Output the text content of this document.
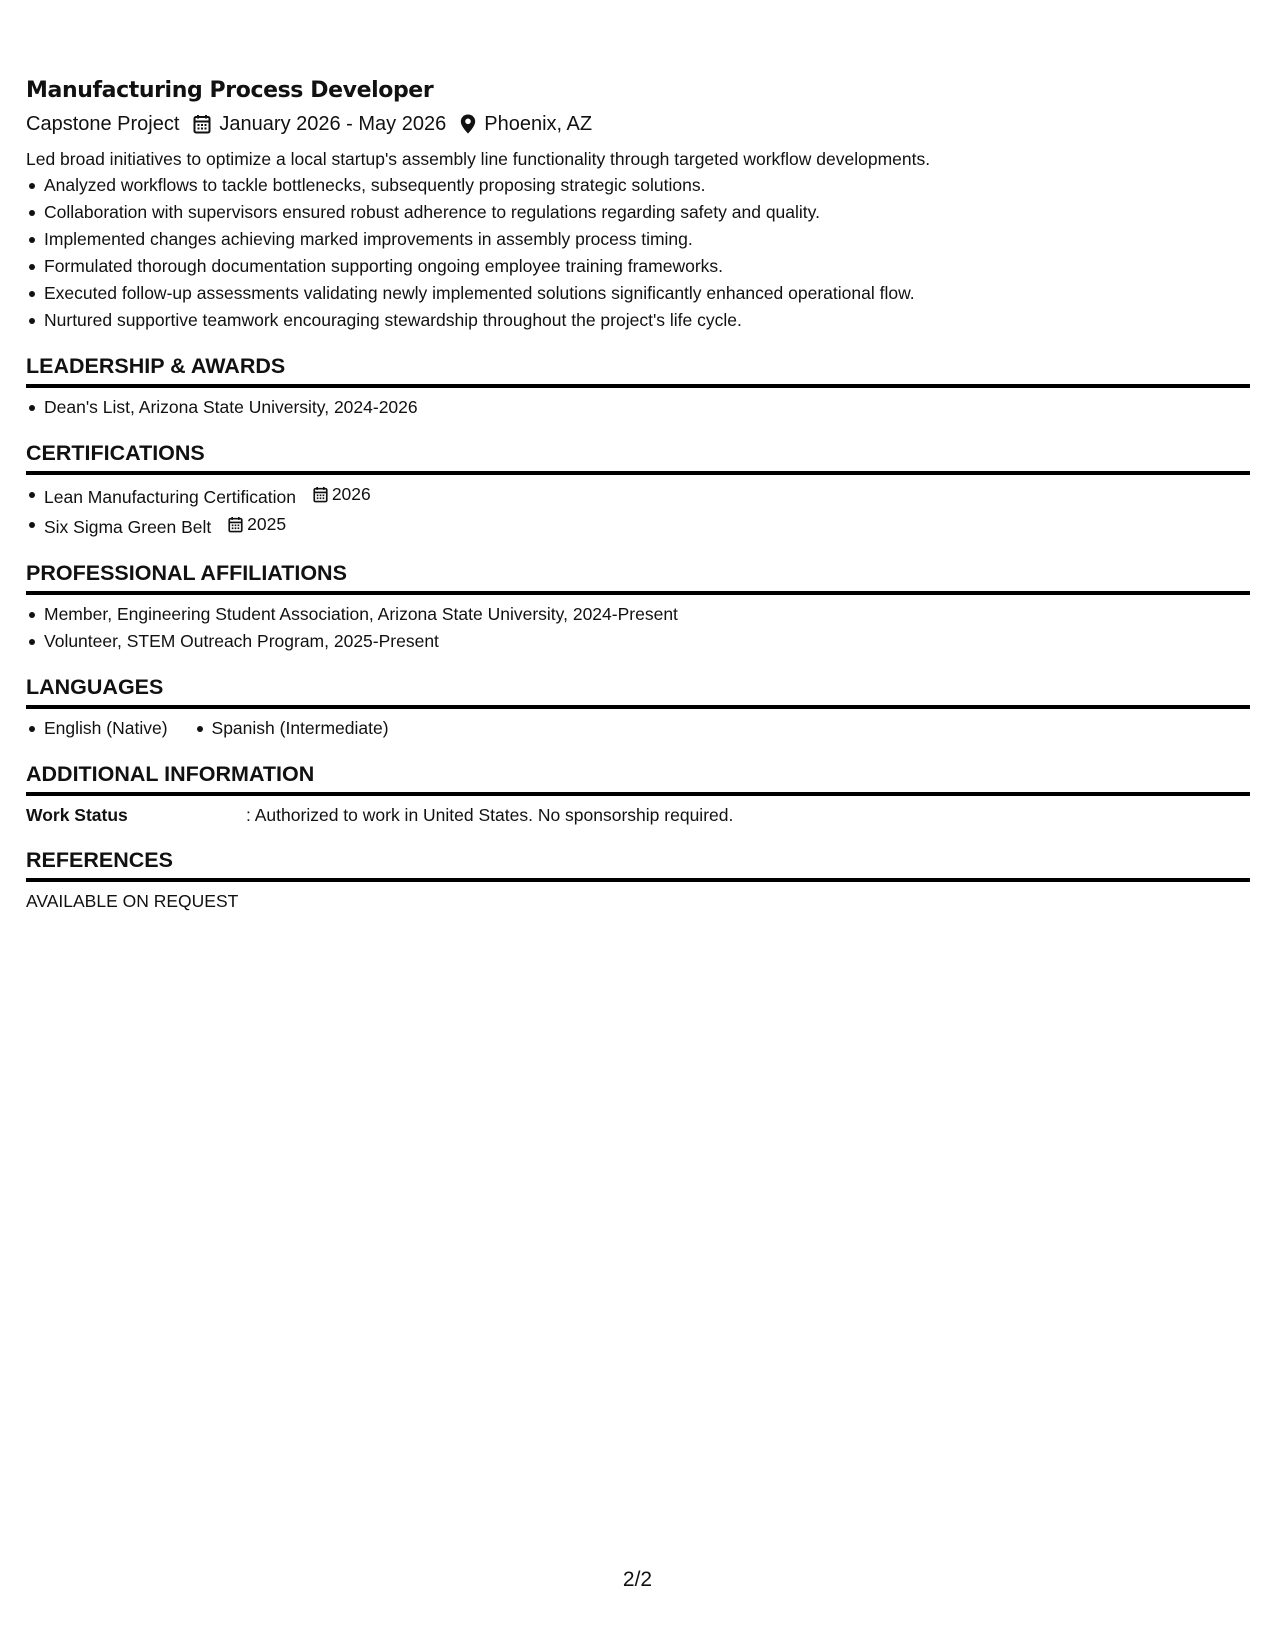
Manufacturing Process Developer
Capstone Project January 2026 - May 2026 Phoenix, AZ
Led broad initiatives to optimize a local startup's assembly line functionality through targeted workflow developments.
Analyzed workflows to tackle bottlenecks, subsequently proposing strategic solutions.
Collaboration with supervisors ensured robust adherence to regulations regarding safety and quality.
Implemented changes achieving marked improvements in assembly process timing.
Formulated thorough documentation supporting ongoing employee training frameworks.
Executed follow-up assessments validating newly implemented solutions significantly enhanced operational flow.
Nurtured supportive teamwork encouraging stewardship throughout the project's life cycle.
LEADERSHIP & AWARDS
Dean's List, Arizona State University, 2024-2026
CERTIFICATIONS
Lean Manufacturing Certification 2026
Six Sigma Green Belt 2025
PROFESSIONAL AFFILIATIONS
Member, Engineering Student Association, Arizona State University, 2024-Present
Volunteer, STEM Outreach Program, 2025-Present
LANGUAGES
English (Native)	Spanish (Intermediate)
ADDITIONAL INFORMATION
Work Status	: Authorized to work in United States. No sponsorship required.
REFERENCES
AVAILABLE ON REQUEST
2/2
